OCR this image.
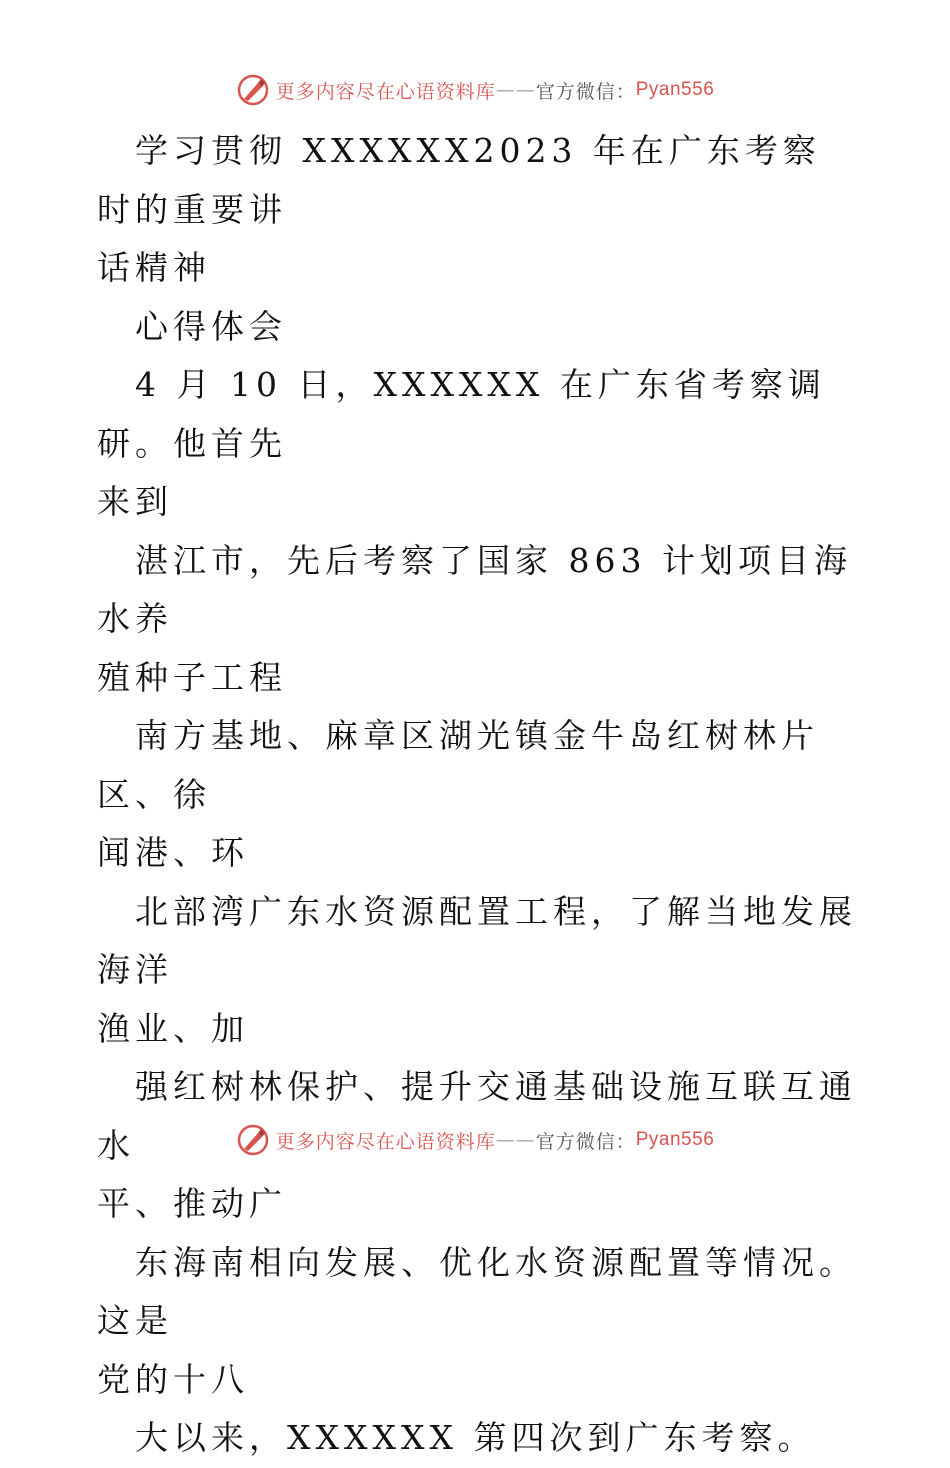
更多内容尽在心语资料库 —— 官方微信： Pyan556

学习贯彻 XXXXXX2023 年在广东考察时的重要讲

话精神

心得体会

4 月 10 日，XXXXXX 在广东省考察调研。他首先

来到

湛江市，先后考察了国家 863 计划项目海水养

殖种子工程

南方基地、麻章区湖光镇金牛岛红树林片区、徐

闻港、环

北部湾广东水资源配置工程，了解当地发展海洋

渔业、加

强红树林保护、提升交通基础设施互联互通水

平、推动广

东海南相向发展、优化水资源配置等情况。这是

党的十八

大以来，XXXXXX 第四次到广东考察。

更多内容尽在心语资料库 —— 官方微信： Pyan556
